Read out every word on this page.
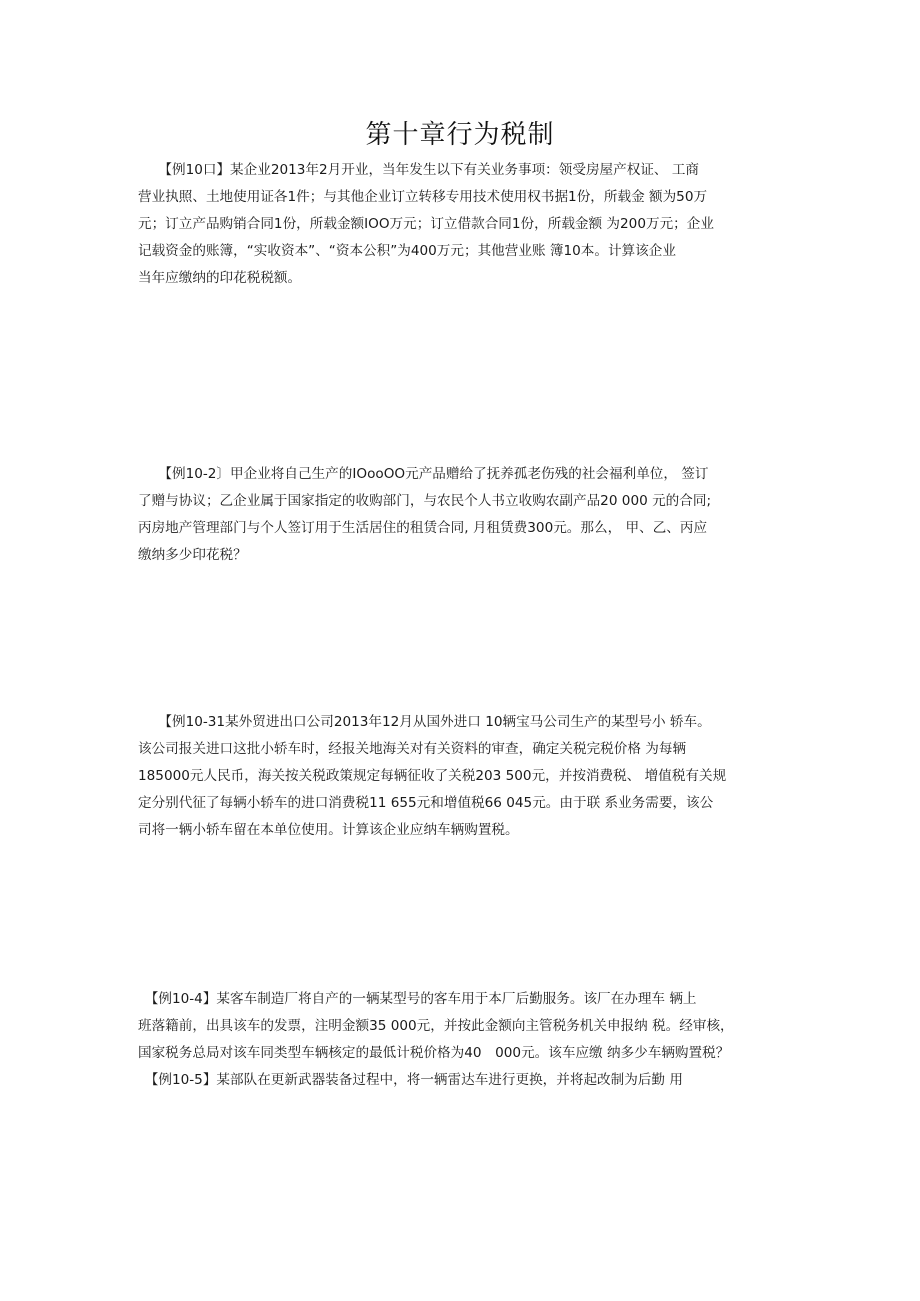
第十章行为税制
　　【例10口】某企业2013年2月开业，当年发生以下有关业务事项：领受房屋产权证、 工商
营业执照、土地使用证各1件；与其他企业订立转移专用技术使用权书据1份，所载金 额为50万
元；订立产品购销合同1份，所载金额IOO万元；订立借款合同1份，所载金额 为200万元；企业
记载资金的账簿，“实收资本”、“资本公积”为400万元；其他营业账 簿10本。计算该企业
当年应缴纳的印花税税额。
　　【例10-2〕甲企业将自己生产的IOooOO元产品赠给了抚养孤老伤残的社会福利单位， 签订
了赠与协议；乙企业属于国家指定的收购部门，与农民个人书立收购农副产品20 000 元的合同;
丙房地产管理部门与个人签订用于生活居住的租赁合同, 月租赁费300元。那么， 甲、乙、丙应
缴纳多少印花税？
　　【例10-31某外贸进出口公司2013年12月从国外进口 10辆宝马公司生产的某型号小 轿车。
该公司报关进口这批小轿车时，经报关地海关对有关资料的审查，确定关税完税价格 为每辆
185000元人民币，海关按关税政策规定每辆征收了关税203 500元，并按消费税、 增值税有关规
定分别代征了每辆小轿车的进口消费税11 655元和增值税66 045元。由于联 系业务需要，该公
司将一辆小轿车留在本单位使用。计算该企业应纳车辆购置税。
　【例10-4】某客车制造厂将自产的一辆某型号的客车用于本厂后勤服务。该厂在办理车 辆上
班落籍前，出具该车的发票，注明金额35 000元，并按此金额向主管税务机关申报纳 税。经审核，
国家税务总局对该车同类型车辆核定的最低计税价格为40　000元。该车应缴 纳多少车辆购置税？
　【例10-5】某部队在更新武器装备过程中，将一辆雷达车进行更换，并将起改制为后勤 用
